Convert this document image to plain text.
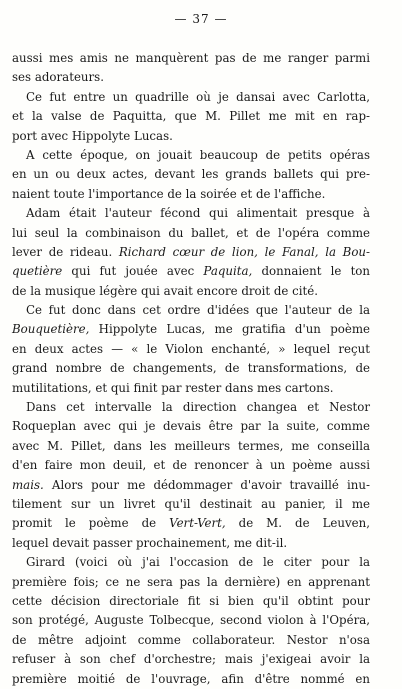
— 37 —
aussi mes amis ne manquèrent pas de me ranger parmi
ses adorateurs.
Ce fut entre un quadrille où je dansai avec Carlotta,
et la valse de Paquitta, que M. Pillet me mit en rap-
port avec Hippolyte Lucas.
A cette époque, on jouait beaucoup de petits opéras
en un ou deux actes, devant les grands ballets qui pre-
naient toute l'importance de la soirée et de l'affiche.
Adam était l'auteur fécond qui alimentait presque à
lui seul la combinaison du ballet, et de l'opéra comme
lever de rideau. Richard cœur de lion, le Fanal, la Bou-
quetière qui fut jouée avec Paquita, donnaient le ton
de la musique légère qui avait encore droit de cité.
Ce fut donc dans cet ordre d'idées que l'auteur de la
Bouquetière, Hippolyte Lucas, me gratifia d'un poème
en deux actes — « le Violon enchanté, » lequel reçut
grand nombre de changements, de transformations, de
mutilitations, et qui finit par rester dans mes cartons.
Dans cet intervalle la direction changea et Nestor
Roqueplan avec qui je devais être par la suite, comme
avec M. Pillet, dans les meilleurs termes, me conseilla
d'en faire mon deuil, et de renoncer à un poème aussi
mais. Alors pour me dédommager d'avoir travaillé inu-
tilement sur un livret qu'il destinait au panier, il me
promit le poème de Vert-Vert, de M. de Leuven,
lequel devait passer prochainement, me dit-il.
Girard (voici où j'ai l'occasion de le citer pour la
première fois; ce ne sera pas la dernière) en apprenant
cette décision directoriale fit si bien qu'il obtint pour
son protégé, Auguste Tolbecque, second violon à l'Opéra,
de mêtre adjoint comme collaborateur. Nestor n'osa
refuser à son chef d'orchestre; mais j'exigeai avoir la
première moitié de l'ouvrage, afin d'être nommé en
